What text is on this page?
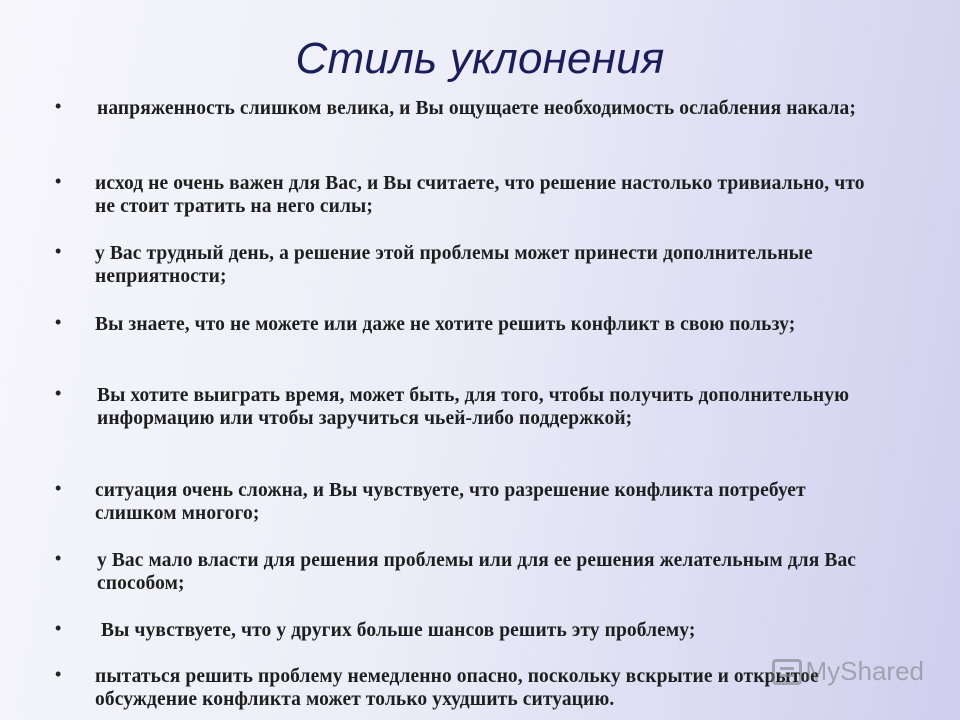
Стиль уклонения
• напряженность слишком велика, и Вы ощущаете необходимость ослабления накала;
• исход не очень важен для Вас, и Вы считаете, что решение настолько тривиально, что не стоит тратить на него силы;
• у Вас трудный день, а решение этой проблемы может принести дополнительные неприятности;
• Вы знаете, что не можете или даже не хотите решить конфликт в свою пользу;
• Вы хотите выиграть время, может быть, для того, чтобы получить дополнительную информацию или чтобы заручиться чьей-либо поддержкой;
• ситуация очень сложна, и Вы чувствуете, что разрешение конфликта потребует слишком многого;
• у Вас мало власти для решения проблемы или для ее решения желательным для Вас способом;
• Вы чувствуете, что у других больше шансов решить эту проблему;
• пытаться решить проблему немедленно опасно, поскольку вскрытие и открытое обсуждение конфликта может только ухудшить ситуацию.
MyShared
